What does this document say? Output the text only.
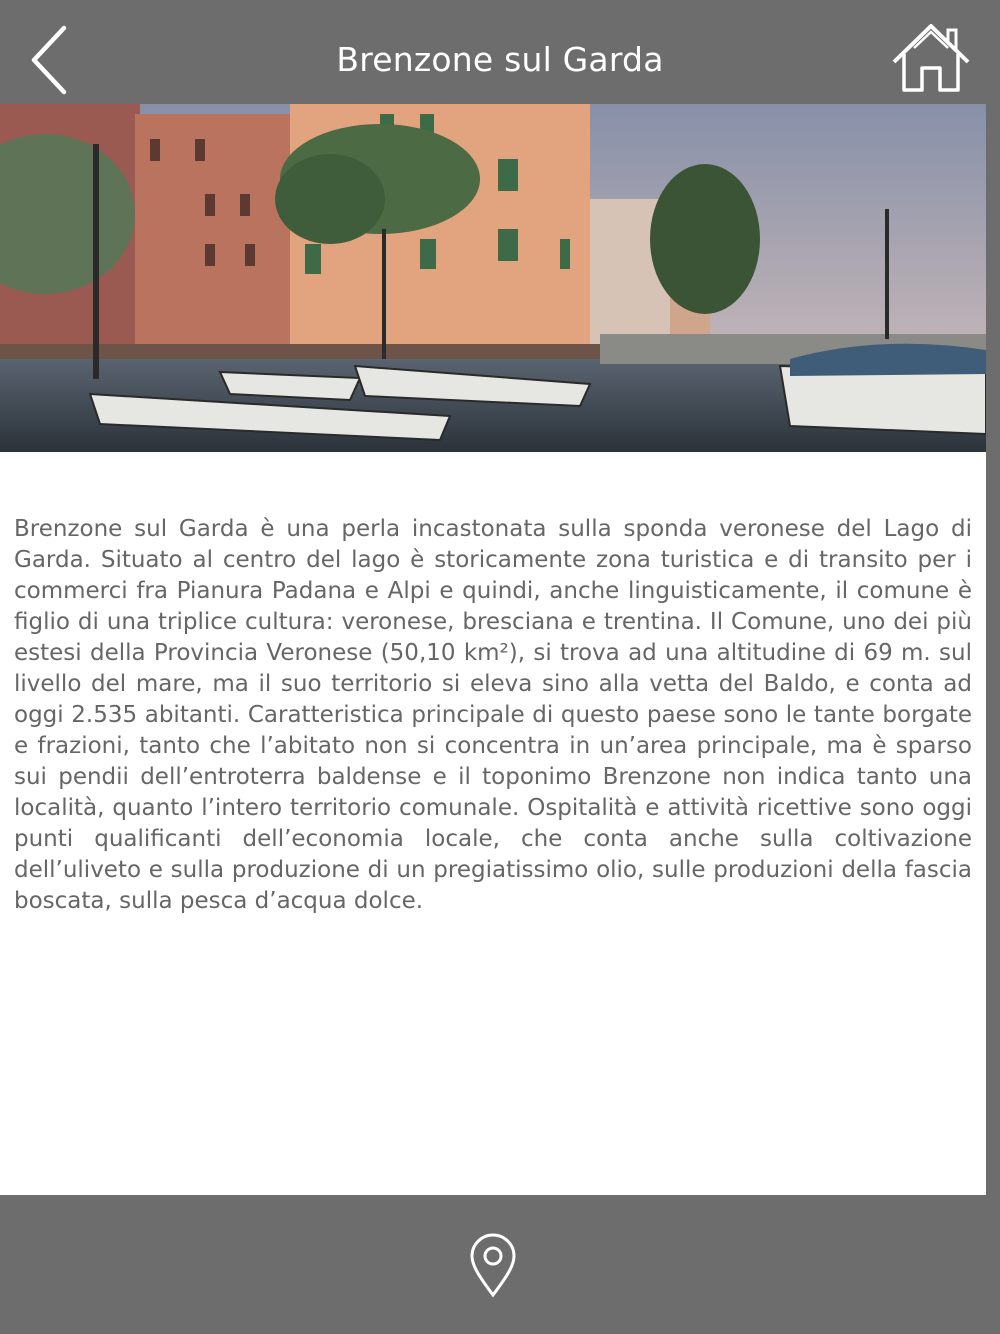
Brenzone sul Garda

Brenzone sul Garda è una perla incastonata sulla sponda veronese del Lago di Garda. Situato al centro del lago è storicamente zona turistica e di transito per i commerci fra Pianura Padana e Alpi e quindi, anche linguisticamente, il comune è figlio di una triplice cultura: veronese, bresciana e trentina. Il Comune, uno dei più estesi della Provincia Veronese (50,10 km²), si trova ad una altitudine di 69 m. sul livello del mare, ma il suo territorio si eleva sino alla vetta del Baldo, e conta ad oggi 2.535 abitanti. Caratteristica principale di questo paese sono le tante borgate e frazioni, tanto che l’abitato non si concentra in un’area principale, ma è sparso sui pendii dell’entroterra baldense e il toponimo Brenzone non indica tanto una località, quanto l’intero territorio comunale. Ospitalità e attività ricettive sono oggi punti qualificanti dell’economia locale, che conta anche sulla coltivazione dell’uliveto e sulla produzione di un pregiatissimo olio, sulle produzioni della fascia boscata, sulla pesca d’acqua dolce.
